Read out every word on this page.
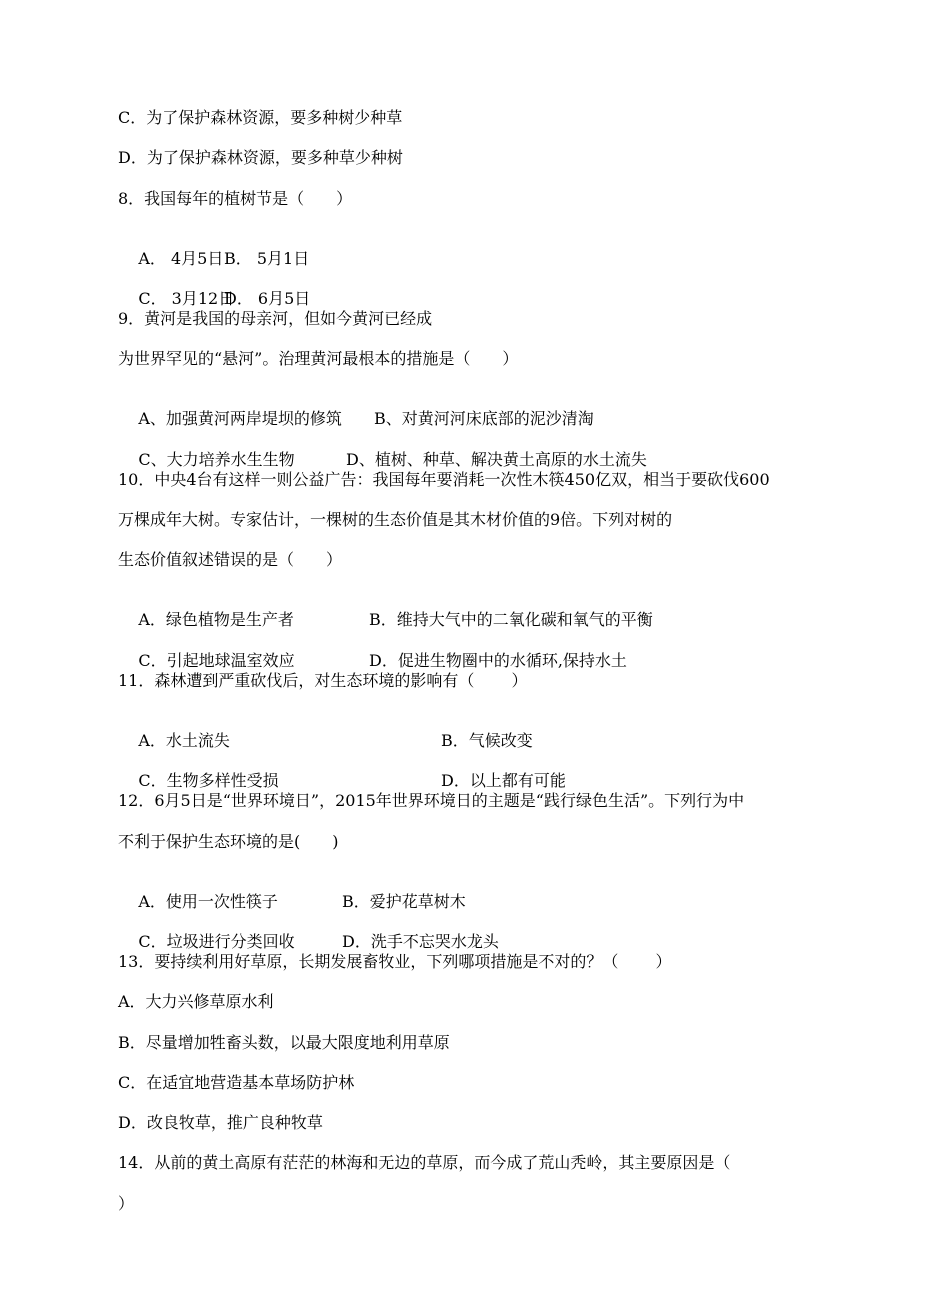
C．为了保护森林资源，要多种树少种草
D．为了保护森林资源，要多种草少种树
8．我国每年的植树节是（　　）

A． 4月5日 B． 5月1日

C． 3月12日
D． 6月5日

9．黄河是我国的母亲河，但如今黄河已经成
为世界罕见的“悬河”。治理黄河最根本的措施是（　　）

A、加强黄河两岸堤坝的修筑 B、对黄河河床底部的泥沙清淘

C、大力培养水生生物	D、植树、种草、解决黄土高原的水土流失

10．中央4台有这样一则公益广告：我国每年要消耗一次性木筷450亿双，相当于要砍伐600
万棵成年大树。专家估计，一棵树的生态价值是其木材价值的9倍。下列对树的
生态价值叙述错误的是（　　）

A．绿色植物是生产者	B．维持大气中的二氧化碳和氧气的平衡

C．引起地球温室效应	D．促进生物圈中的水循环,保持水土

11．森林遭到严重砍伐后，对生态环境的影响有（　　 ）

A．水土流失	B．气候改变

C．生物多样性受损	D．以上都有可能

12．6月5日是“世界环境日”，2015年世界环境日的主题是“践行绿色生活”。下列行为中
不利于保护生态环境的是(　　)

A．使用一次性筷子	B．爱护花草树木

C．垃圾进行分类回收	D．洗手不忘哭水龙头

13．要持续利用好草原，长期发展畜牧业，下列哪项措施是不对的？（　　 ）
A．大力兴修草原水利
B．尽量增加牲畜头数，以最大限度地利用草原
C．在适宜地营造基本草场防护林
D．改良牧草，推广良种牧草
14．从前的黄土高原有茫茫的林海和无边的草原，而今成了荒山秃岭，其主要原因是（
）
